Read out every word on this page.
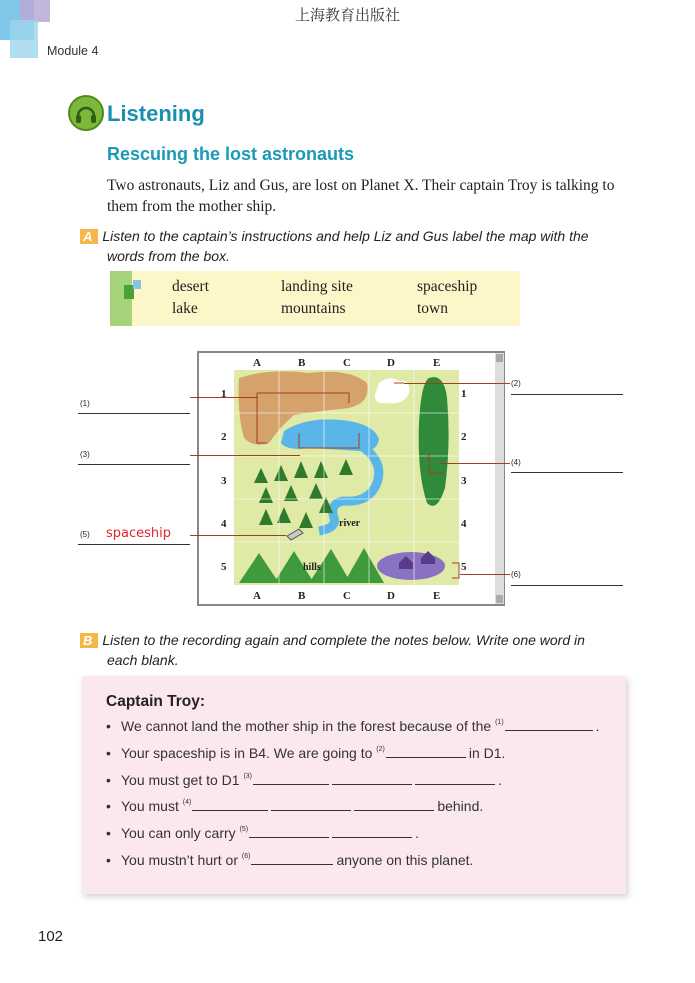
上海教育出版社
Module 4
Listening
Rescuing the lost astronauts
Two astronauts, Liz and Gus, are lost on Planet X. Their captain Troy is talking to them from the mother ship.
A Listen to the captain’s instructions and help Liz and Gus label the map with the
words from the box.
desert	landing site	spaceship
lake	mountains	town
A	B	C	D	E
A	B	C	D	E
1
2
3
4
5
1
2
3
4
5
river
hills
(1)
(3)
(5) spaceship
(2)
(4)
(6)
B Listen to the recording again and complete the notes below. Write one word in
each blank.
Captain Troy:
• We cannot land the mother ship in the forest because of the $^{(1)}$	.
• Your spaceship is in B4. We are going to $^{(2)}$	in D1.
• You must get to D1 $^{(3)}$	.
• You must $^{(4)}$	behind.
• You can only carry $^{(5)}$	.
• You mustn’t hurt or $^{(6)}$	anyone on this planet.
102
